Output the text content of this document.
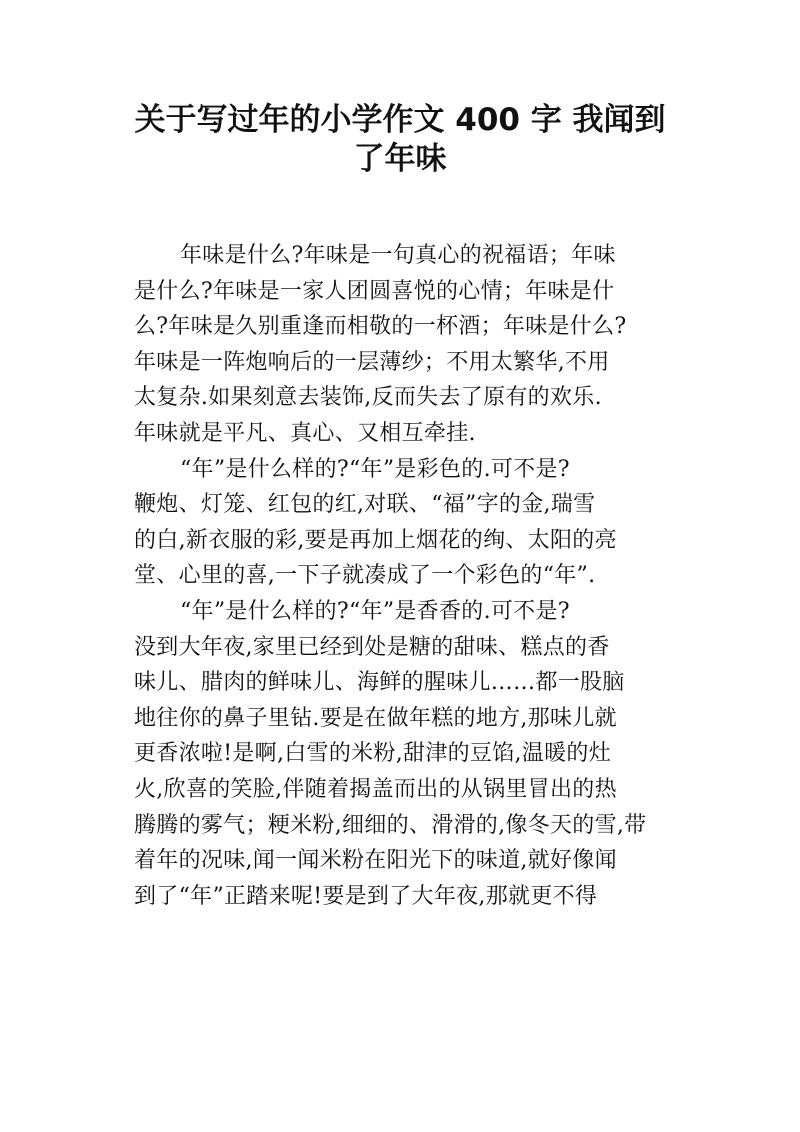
关于写过年的小学作文 400 字 我闻到
了年味
年味是什么?年味是一句真心的祝福语；年味
是什么?年味是一家人团圆喜悦的心情；年味是什
么?年味是久别重逢而相敬的一杯酒；年味是什么?
年味是一阵炮响后的一层薄纱；不用太繁华,不用
太复杂.如果刻意去装饰,反而失去了原有的欢乐.
年味就是平凡、真心、又相互牵挂.
“年”是什么样的?“年”是彩色的.可不是?
鞭炮、灯笼、红包的红,对联、“福”字的金,瑞雪
的白,新衣服的彩,要是再加上烟花的绚、太阳的亮
堂、心里的喜,一下子就凑成了一个彩色的“年”.
“年”是什么样的?“年”是香香的.可不是?
没到大年夜,家里已经到处是糖的甜味、糕点的香
味儿、腊肉的鲜味儿、海鲜的腥味儿……都一股脑
地往你的鼻子里钻.要是在做年糕的地方,那味儿就
更香浓啦!是啊,白雪的米粉,甜津的豆馅,温暖的灶
火,欣喜的笑脸,伴随着揭盖而出的从锅里冒出的热
腾腾的雾气；粳米粉,细细的、滑滑的,像冬天的雪,带
着年的况味,闻一闻米粉在阳光下的味道,就好像闻
到了“年”正踏来呢!要是到了大年夜,那就更不得
